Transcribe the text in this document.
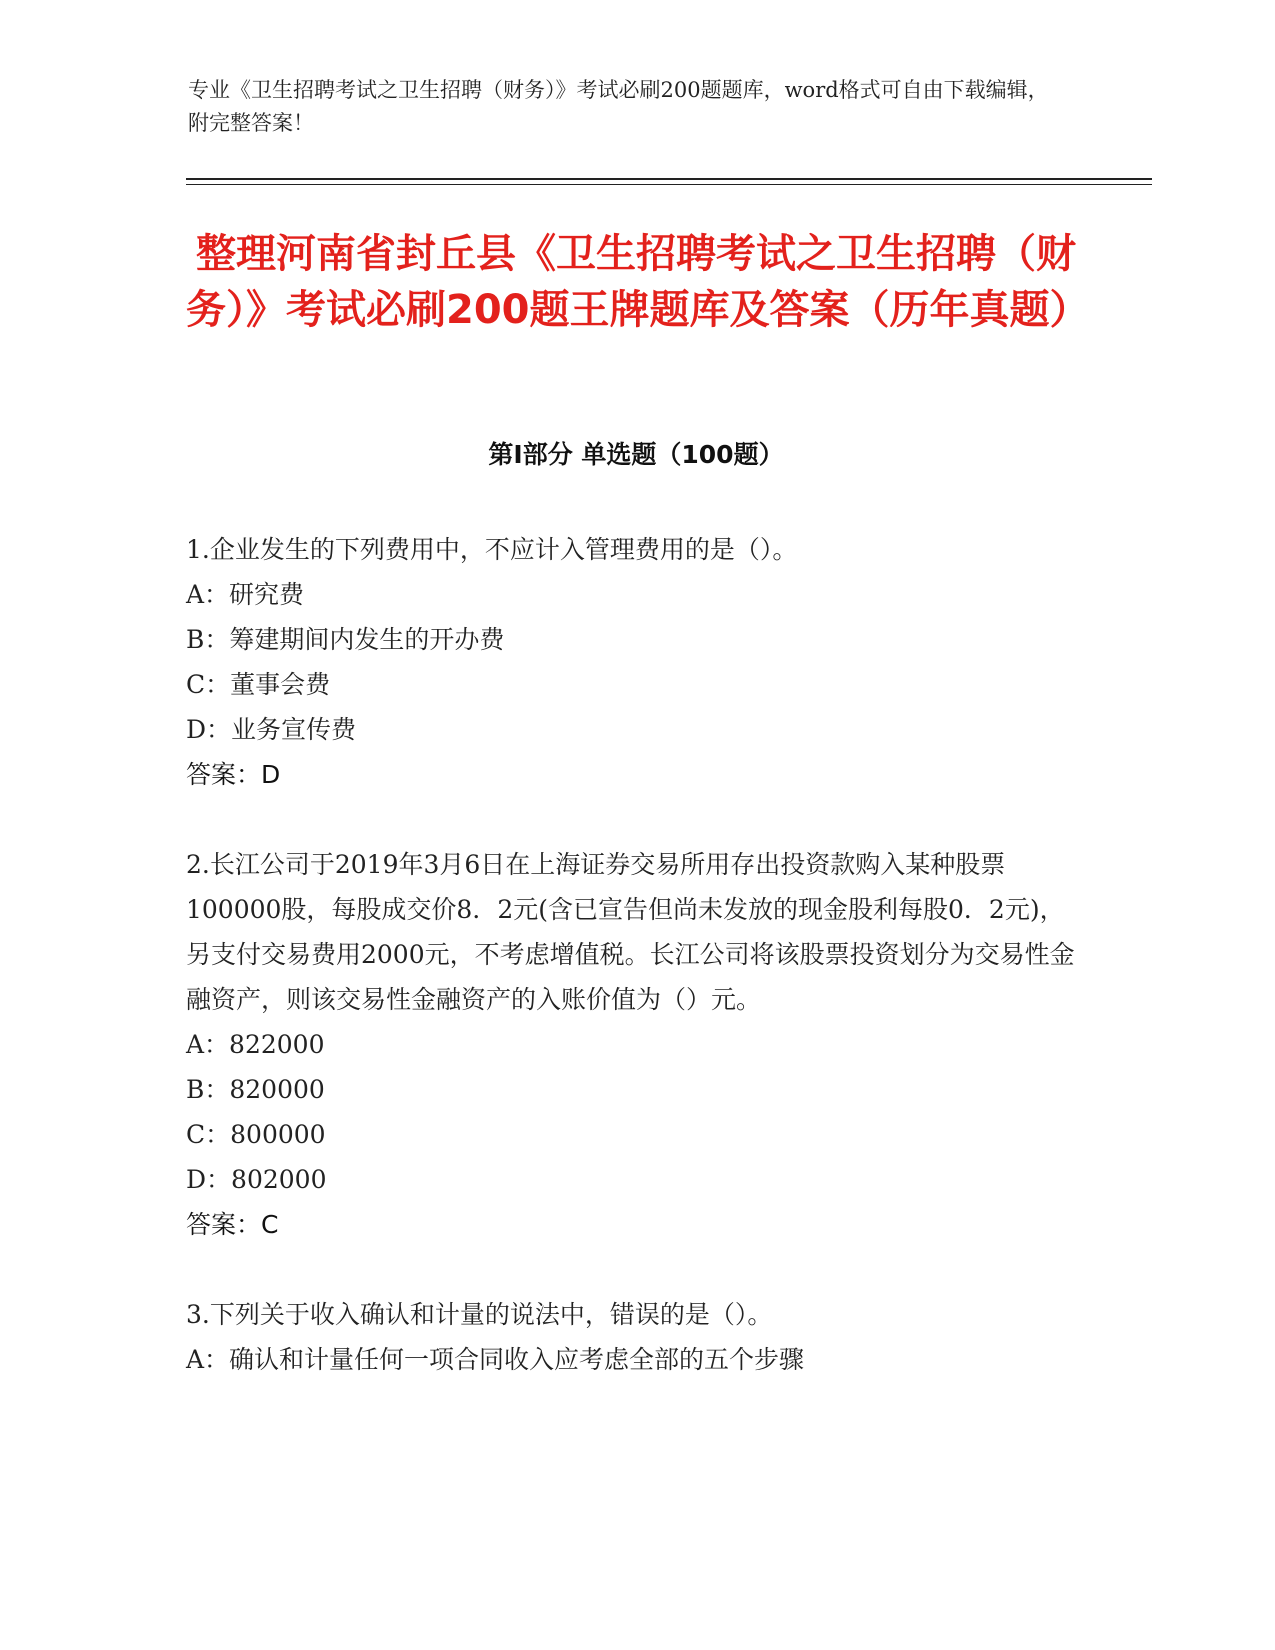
专业《卫生招聘考试之卫生招聘（财务）》考试必刷200题题库，word格式可自由下载编辑，附完整答案！
整理河南省封丘县《卫生招聘考试之卫生招聘（财务）》考试必刷200题王牌题库及答案（历年真题）
第Ⅰ部分 单选题（100题）

1.企业发生的下列费用中，不应计入管理费用的是（）。

A：研究费

B：筹建期间内发生的开办费

C：董事会费

D：业务宣传费

答案：D

2.长江公司于2019年3月6日在上海证券交易所用存出投资款购入某种股票100000股，每股成交价8．2元(含已宣告但尚未发放的现金股利每股0．2元)，另支付交易费用2000元，不考虑增值税。长江公司将该股票投资划分为交易性金融资产，则该交易性金融资产的入账价值为（）元。

A：822000

B：820000

C：800000

D：802000

答案：C

3.下列关于收入确认和计量的说法中，错误的是（）。

A：确认和计量任何一项合同收入应考虑全部的五个步骤
